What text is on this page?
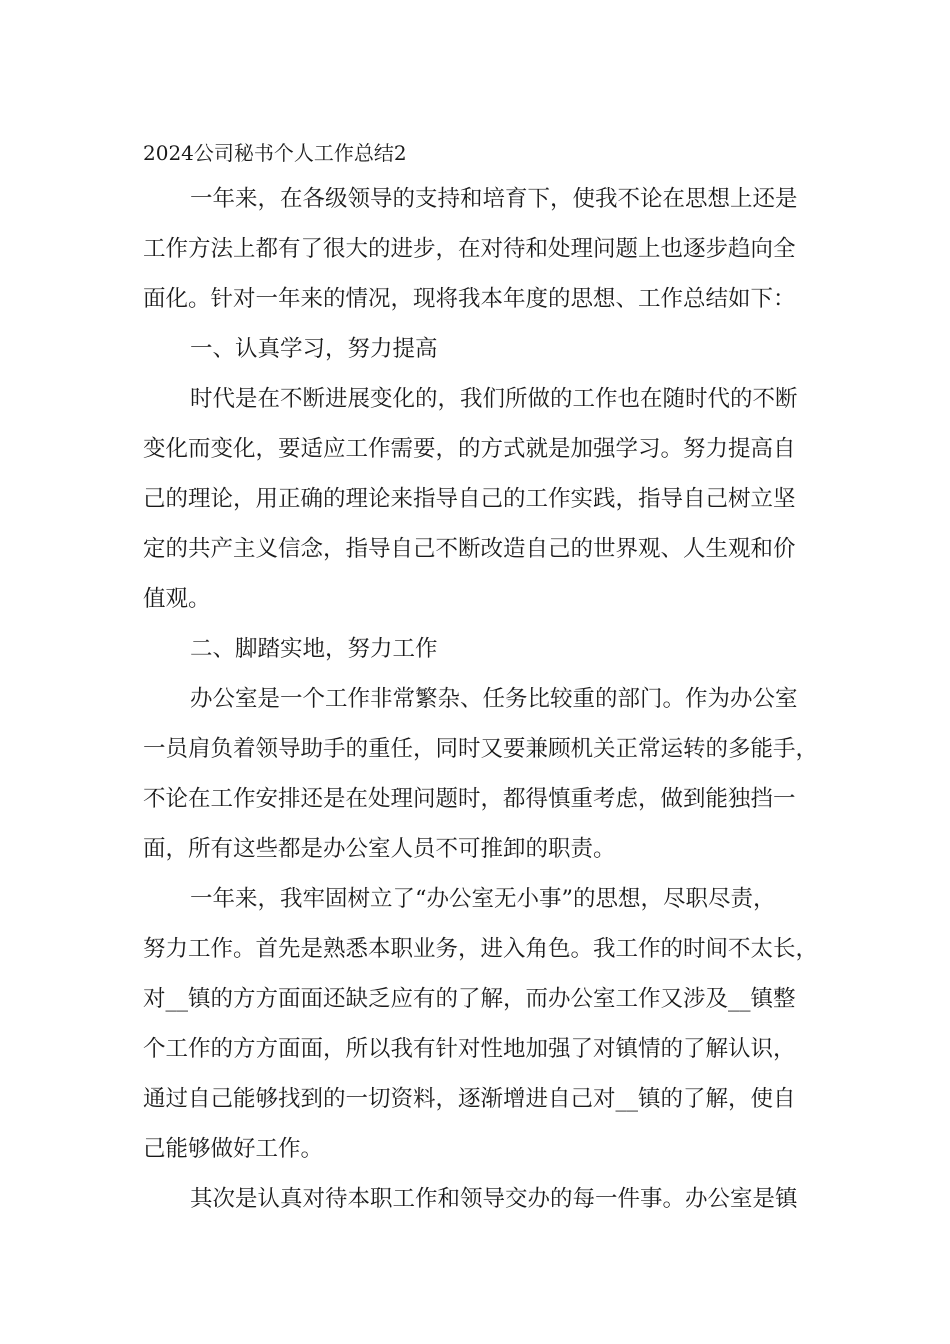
2024公司秘书个人工作总结2
一年来，在各级领导的支持和培育下，使我不论在思想上还是
工作方法上都有了很大的进步，在对待和处理问题上也逐步趋向全
面化。针对一年来的情况，现将我本年度的思想、工作总结如下：
一、认真学习，努力提高
时代是在不断进展变化的，我们所做的工作也在随时代的不断
变化而变化，要适应工作需要，的方式就是加强学习。努力提高自
己的理论，用正确的理论来指导自己的工作实践，指导自己树立坚
定的共产主义信念，指导自己不断改造自己的世界观、人生观和价
值观。
二、脚踏实地，努力工作
办公室是一个工作非常繁杂、任务比较重的部门。作为办公室
一员肩负着领导助手的重任，同时又要兼顾机关正常运转的多能手，
不论在工作安排还是在处理问题时，都得慎重考虑，做到能独挡一
面，所有这些都是办公室人员不可推卸的职责。
一年来，我牢固树立了“办公室无小事”的思想，尽职尽责，
努力工作。首先是熟悉本职业务，进入角色。我工作的时间不太长，
对__镇的方方面面还缺乏应有的了解，而办公室工作又涉及__镇整
个工作的方方面面，所以我有针对性地加强了对镇情的了解认识，
通过自己能够找到的一切资料，逐渐增进自己对__镇的了解，使自
己能够做好工作。
其次是认真对待本职工作和领导交办的每一件事。办公室是镇
